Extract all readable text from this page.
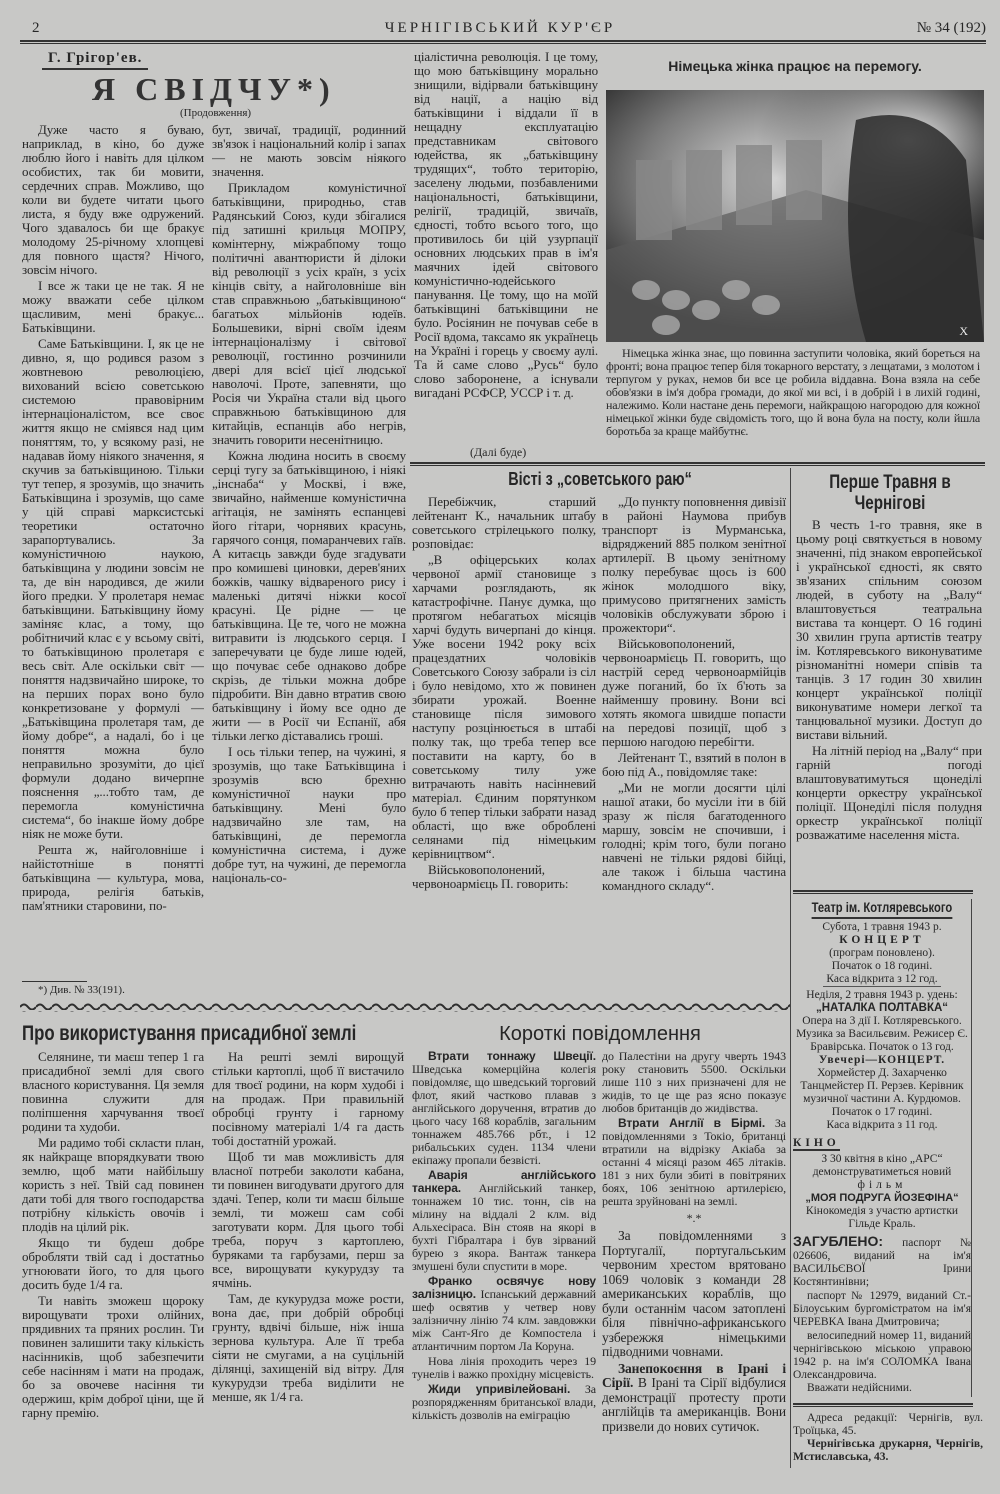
2	ЧЕРНІГІВСЬКИЙ КУР'ЄР	№ 34 (192)
Г. Грігор'ев.
Я СВІДЧУ*)
(Продовження)

Дуже часто я буваю, наприклад, в кіно, бо дуже люблю його і навіть для цілком особистих, так би мовити, сердечних справ. Можливо, що коли ви будете читати цього листа, я буду вже одружений. Чого здавалось би ще бракує молодому 25-річному хлопцеві для повного щастя? Нічого, зовсім нічого.

І все ж таки це не так. Я не можу вважати себе цілком щасливим, мені бракує... Батьківщини.

Саме Батьківщини. І, як це не дивно, я, що родився разом з жовтневою революцією, вихований всією советською системою правовірним інтернаціоналістом, все своє життя якщо не сміявся над цим поняттям, то, у всякому разі, не надавав йому ніякого значення, я скучив за батьківщиною. Тільки тут тепер, я зрозумів, що значить Батьківщина і зрозумів, що саме у цій справі марксистські теоретики остаточно зарапортувались. За комуністичною наукою, батьківщина у людини зовсім не та, де він народився, де жили його предки. У пролетаря немає батьківщини. Батьківщину йому заміняє клас, а тому, що робітничий клас є у всьому світі, то батьківщиною пролетаря є весь світ. Але оскільки світ — поняття надзвичайно широке, то на перших порах воно було конкретизоване у формулі — „Батьківщина пролетаря там, де йому добре“, а надалі, бо і це поняття можна було неправильно зрозуміти, до цієї формули додано вичерпне пояснення „...тобто там, де перемогла комуністична система“, бо інакше йому добре ніяк не може бути.

Решта ж, найголовніше і найістотніше в понятті батьківщина — культура, мова, природа, релігія батьків, пам'ятники старовини, по-

*) Див. № 33(191).

бут, звичаї, традиції, родинний зв'язок і національний колір і запах — не мають зовсім ніякого значення.

Прикладом комуністичної батьківщини, природньо, став Радянський Союз, куди збігалися під затишні крильця МОПРУ, комінтерну, міжрабпому тощо політичні авантюристи й ділоки від революції з усіх країн, з усіх кінців світу, а найголовніше він став справжньою „батьківщиною“ багатьох мільйонів юдеїв. Большевики, вірні своїм ідеям інтернаціоналізму і світової революції, гостинно розчинили двері для всієї цієї людської наволочі. Проте, запевняти, що Росія чи Україна стали від цього справжньою батьківщиною для китайців, еспанців або негрів, значить говорити несенітницю.

Кожна людина носить в своєму серці тугу за батьківщиною, і ніякі „інснаба“ у Москві, і вже, звичайно, найменше комуністична агітація, не замінять еспанцеві його гітари, чорнявих красунь, гарячого сонця, помаранчевих гаїв. А китаєць завжди буде згадувати про комишеві циновки, дерев'яних божків, чашку відвареного рису і маленькі дитячі ніжки косої красуні. Це рідне — це батьківщина. Це те, чого не можна витравити із людського серця. І заперечувати це буде лише юдей, що почуває себе однаково добре скрізь, де тільки можна добре підробити. Він давно втратив свою батьківщину і йому все одно де жити — в Росії чи Еспанії, абя тільки легко діставались гроші.

І ось тільки тепер, на чужині, я зрозумів, що таке Батьківщина і зрозумів всю брехню комуністичної науки про батьківщину. Мені було надзвичайно зле там, на батьківщині, де перемогла комуністична система, і дуже добре тут, на чужині, де перемогла національ-со-

ціалістична революція. І це тому, що мою батьківщину морально знищили, відірвали батьківщину від нації, а націю від батьківщини і віддали її в нещадну експлуатацію представникам світового юдейства, як „батьківщину трудящих“, тобто територію, заселену людьми, позбавленими національності, батьківщини, релігії, традицій, звичаїв, єдності, тобто всього того, що противилось би цій узурпації основних людських прав в ім'я маячних ідей світового комуністично-юдейського панування. Це тому, що на моїй батьківщині батьківщини не було. Росіянин не почував себе в Росії вдома, таксамо як українець на Україні і горець у своєму аулі. Та й саме слово „Русь“ було слово заборонене, а існували вигадані РСФСР, УССР і т. д.

(Далі буде)
Німецька жінка працює на перемогу.
X

Німецька жінка знає, що повинна заступити чоловіка, який бореться на фронті; вона працює тепер біля токарного верстату, з лещатами, з молотом і терпугом у руках, немов би все це робила віддавна. Вона взяла на себе обов'язки в ім'я добра громади, до якої ми всі, і в добрій і в лихій годині, належимо. Коли настане день перемоги, найкращою нагородою для кожної німецької жінки буде свідомість того, що й вона була на посту, коли йшла боротьба за краще майбутнє.

Вісті з „советського раю“

Перебіжчик, старший лейтенант К., начальник штабу советського стрілецького полку, розповідає:

„В офіцерських колах червоної армії становище з харчами розглядають, як катастрофічне. Панує думка, що протягом небагатьох місяців харчі будуть вичерпані до кінця. Уже восени 1942 року всіх працездатних чоловіків Советського Союзу забрали із сіл і було невідомо, хто ж повинен збирати урожай. Военне становище після зимового наступу розцінюється в штабі полку так, що треба тепер все поставити на карту, бо в советському тилу уже витрачають навіть насінневий матеріал. Єдиним порятунком було б тепер тільки забрати назад області, що вже оброблені селянами під німецьким керівництвом“.

Військовополонений, червоноармієць П. говорить:

„До пункту поповнення дивізії в районі Наумова прибув транспорт із Мурманська, відряджений 885 полком зенітної артилерії. В цьому зенітному полку перебуває щось із 600 жінок молодшого віку, примусово притягнених замість чоловіків обслужувати зброю і прожектори“.

Військовополонений, червоноармієць П. говорить, що настрій серед червоноармійців дуже поганий, бо їх б'ють за найменшу провину. Вони всі хотять якомога швидше попасти на передові позиції, щоб з першою нагодою перебігти.

Лейтенант Т., взятий в полон в бою під А., повідомляє таке:

„Ми не могли досягти цілі нашої атаки, бо мусіли іти в бій зразу ж після багатоденного маршу, зовсім не спочивши, і голодні; крім того, були погано навчені не тільки рядові бійці, але також і більша частина командного складу“.

Перше Травня в
Чернігові

В честь 1-го травня, яке в цьому році святкується в новому значенні, під знаком европейської і української єдності, як свято зв'язаних спільним союзом людей, в суботу на „Валу“ влаштовується театральна вистава та концерт. О 16 годині 30 хвилин група артистів театру ім. Котляревського виконуватиме різноманітні номери співів та танців. З 17 годин 30 хвилин концерт української поліції виконуватиме номери легкої та танцювальної музики. Доступ до вистави вільний.

На літній період на „Валу“ при гарній погоді влаштовуватимуться щонеділі концерти оркестру української поліції. Щонеділі після полудня оркестр української поліції розважатиме населення міста.

Театр ім. Котляревського
Субота, 1 травня 1943 р.
КОНЦЕРТ
(програм поновлено).
Початок о 18 годині.
Каса відкрита з 12 год.
Неділя, 2 травня 1943 р. удень:
„НАТАЛКА ПОЛТАВКА“
Опера на 3 дії І. Котляревського. Музика за Васильєвим. Режисер Є. Бравірська. Початок о 13 год.
Увечері—КОНЦЕРТ.
Хормейстер Д. Захарченко Танцмейстер П. Рерзев. Керівник музичної частини А. Курдюмов. Початок о 17 годині.
Каса відкрита з 11 год.
КІНО
З 30 квітня в кіно „АРС“ демонструватиметься новий
фільм
„МОЯ ПОДРУГА ЙОЗЕФІНА“
Кінокомедія з участю артистки Гільде Краль.
ЗАГУБЛЕНО: паспорт № 026606, виданий на ім'я ВАСИЛЬЄВОЇ Ірини Костянтинівни;
паспорт № 12979, виданий Ст.-Білоуським бургомістратом на ім'я ЧЕРЕВКА Івана Дмитровича;
велосипедний номер 11, виданий чернігівською міською управою 1942 р. на ім'я СОЛОМКА Івана Олександровича.
Вважати недійсними.
Адреса редакції: Чернігів, вул. Троїцька, 45.
Чернігівська друкарня, Чернігів, Мстиславська, 43.
Про використування присадибної землі

Селянине, ти маєш тепер 1 га присадибної землі для свого власного користування. Ця земля повинна служити для поліпшення харчування твоєї родини та худоби.

Ми радимо тобі скласти план, як найкраще впорядкувати твою землю, щоб мати найбільшу користь з неї. Твій сад повинен дати тобі для твого господарства потрібну кількість овочів і плодів на цілий рік.

Якщо ти будеш добре обробляти твій сад і достатньо угноювати його, то для цього досить буде 1/4 га.

Ти навіть зможеш щороку вирощувати трохи олійних, прядивних та пряних рослин. Ти повинен залишити таку кількість насінників, щоб забезпечити себе насінням і мати на продаж, бо за овочеве насіння ти одержиш, крім доброї ціни, ще й гарну премію.

На решті землі вирощуй стільки картоплі, щоб її вистачило для твоєї родини, на корм худобі і на продаж. При правильній обробці грунту і гарному посівному матеріалі 1/4 га дасть тобі достатній урожай.

Щоб ти мав можливість для власної потреби заколоти кабана, ти повинен вигодувати другого для здачі. Тепер, коли ти маєш більше землі, ти можеш сам собі заготувати корм. Для цього тобі треба, поруч з картоплею, буряками та гарбузами, перш за все, вирощувати кукурудзу та ячмінь.

Там, де кукурудза може рости, вона дає, при добрій обробці грунту, вдвічі більше, ніж інша зернова культура. Але її треба сіяти не смугами, а на суцільній ділянці, захищеній від вітру. Для кукурудзи треба виділити не менше, як 1/4 га.

Короткі повідомлення

Втрати тоннажу Швеції. Шведська комерційна колегія повідомляє, що шведський торговий флот, який частково плавав з англійського доручення, втратив до цього часу 168 кораблів, загальним тоннажем 485.766 рбт., і 12 рибальських суден. 1134 члени екіпажу пропали безвісті.

Аварія англійського танкера. Англійський танкер, тоннажем 10 тис. тонн, сів на мілину на віддалі 2 клм. від Альхесіраса. Він стояв на якорі в бухті Гібралтара і був зірваний бурею з якора. Вантаж танкера змушені були спустити в море.

Франко освячує нову залізницю. Іспанський державний шеф освятив у четвер нову залізничну лінію 74 клм. завдовжки між Сант-Яго де Компостела і атлантичним портом Ла Коруна.

Нова лінія проходить через 19 тунелів і важко прохідну місцевість.

Жиди упривілейовані. За розпорядженням британської влади, кількість дозволів на еміграцію

до Палестіни на другу чверть 1943 року становить 5500. Оскільки лише 110 з них призначені для не жидів, то це ще раз ясно показує любов британців до жидівства.

Втрати Англії в Бірмі. За повідомленнями з Токіо, британці втратили на відрізку Акіаба за останні 4 місяці разом 465 літаків. 181 з них були збиті в повітряних боях, 106 зенітною артилерією, решта зруйновані на землі.

*.*

За повідомленнями з Португалії, португальським червоним хрестом врятовано 1069 чоловік з команди 28 американських кораблів, що були останнім часом затоплені біля північно-африканського узбережжя німецькими підводними човнами.

Занепокоєння в Ірані і Сірії. В Ірані та Сірії відбулися демонстрації протесту проти англійців та американців. Вони призвели до нових сутичок.
